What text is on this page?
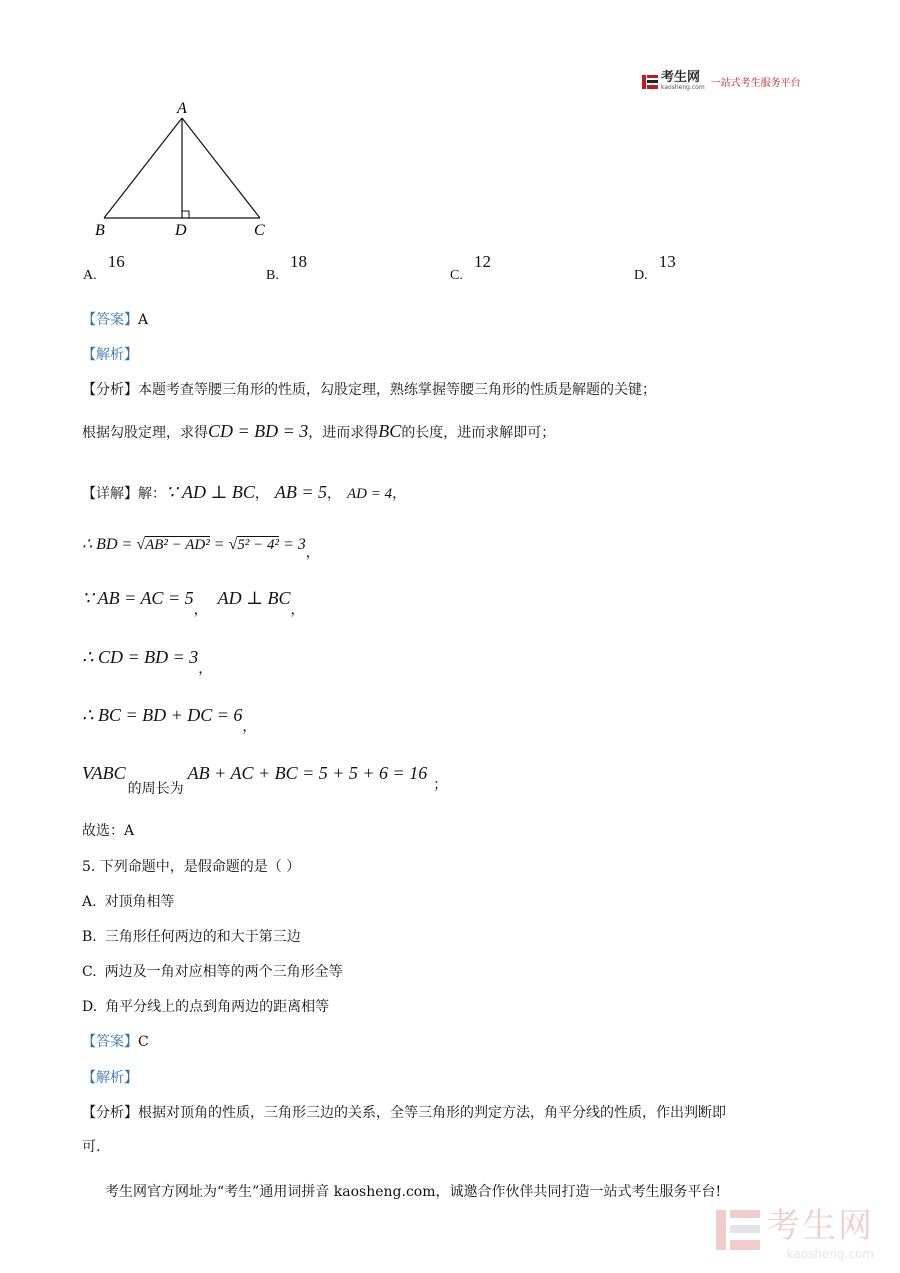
考生网
kaosheng.com 一站式考生服务平台
A
B	D	C
A. 16
B. 18
C. 12
D. 13
【答案】A
【解析】
【分析】本题考查等腰三角形的性质，勾股定理，熟练掌握等腰三角形的性质是解题的关键；
根据勾股定理，求得CD = BD = 3，进而求得BC的长度，进而求解即可；
【详解】解：∵ AD ⊥ BC， AB = 5， AD = 4，
∴ BD = √AB² − AD² = √5² − 4² = 3，
∵ AB = AC = 5，AD ⊥ BC，
∴ CD = BD = 3，
∴ BC = BD + DC = 6，
VABC的周长为AB + AC + BC = 5 + 5 + 6 = 16；
故选：A
5. 下列命题中，是假命题的是（ ）
A. 对顶角相等
B. 三角形任何两边的和大于第三边
C. 两边及一角对应相等的两个三角形全等
D. 角平分线上的点到角两边的距离相等
【答案】C
【解析】
【分析】根据对顶角的性质，三角形三边的关系，全等三角形的判定方法，角平分线的性质，作出判断即
可.
考生网官方网址为“考生”通用词拼音 kaosheng.com，诚邀合作伙伴共同打造一站式考生服务平台!
考生网
kaosheng.com
